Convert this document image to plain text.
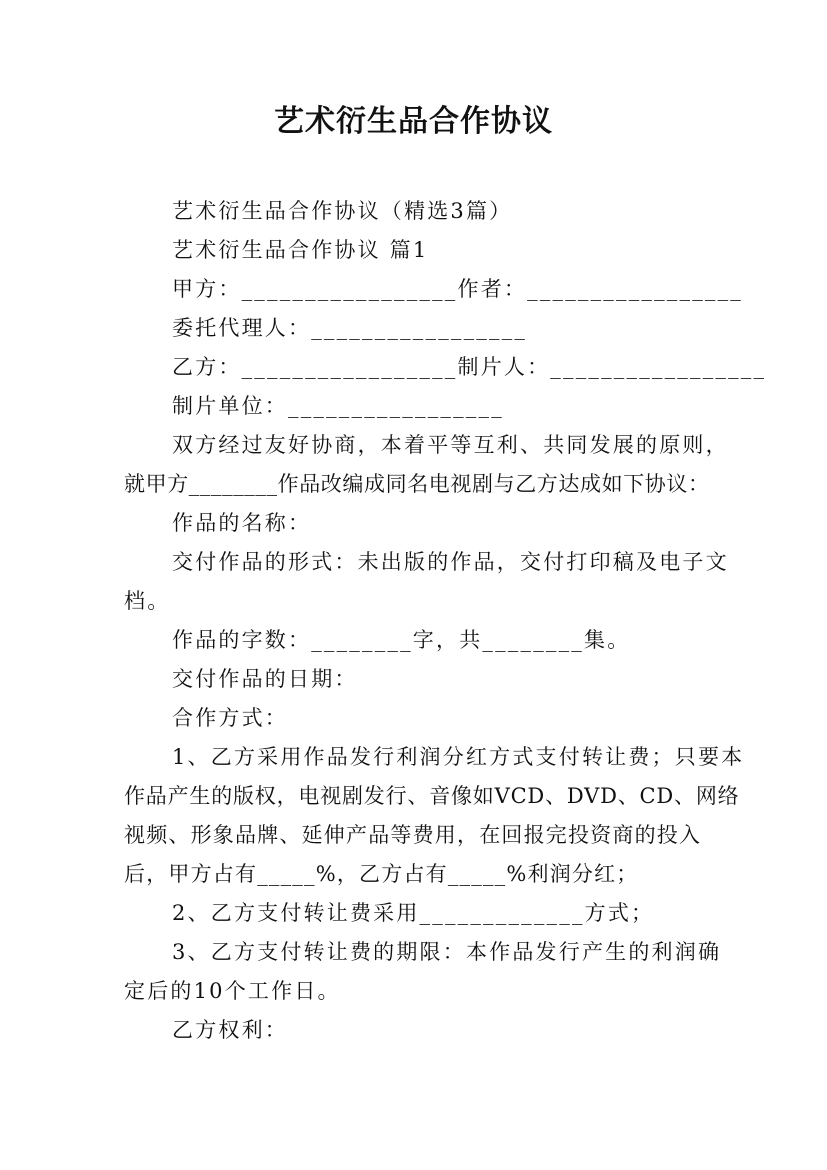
艺术衍生品合作协议
艺术衍生品合作协议（精选3篇）
艺术衍生品合作协议 篇1
甲方：_________________作者：_________________
委托代理人：_________________
乙方：_________________制片人：_________________
制片单位：_________________
双方经过友好协商，本着平等互利、共同发展的原则，
就甲方________作品改编成同名电视剧与乙方达成如下协议：
作品的名称：
交付作品的形式：未出版的作品，交付打印稿及电子文
档。
作品的字数：________字，共________集。
交付作品的日期：
合作方式：
1、乙方采用作品发行利润分红方式支付转让费；只要本
作品产生的版权，电视剧发行、音像如VCD、DVD、CD、网络
视频、形象品牌、延伸产品等费用，在回报完投资商的投入
后，甲方占有_____%，乙方占有_____%利润分红；
2、乙方支付转让费采用_____________方式；
3、乙方支付转让费的期限：本作品发行产生的利润确
定后的10个工作日。
乙方权利：
